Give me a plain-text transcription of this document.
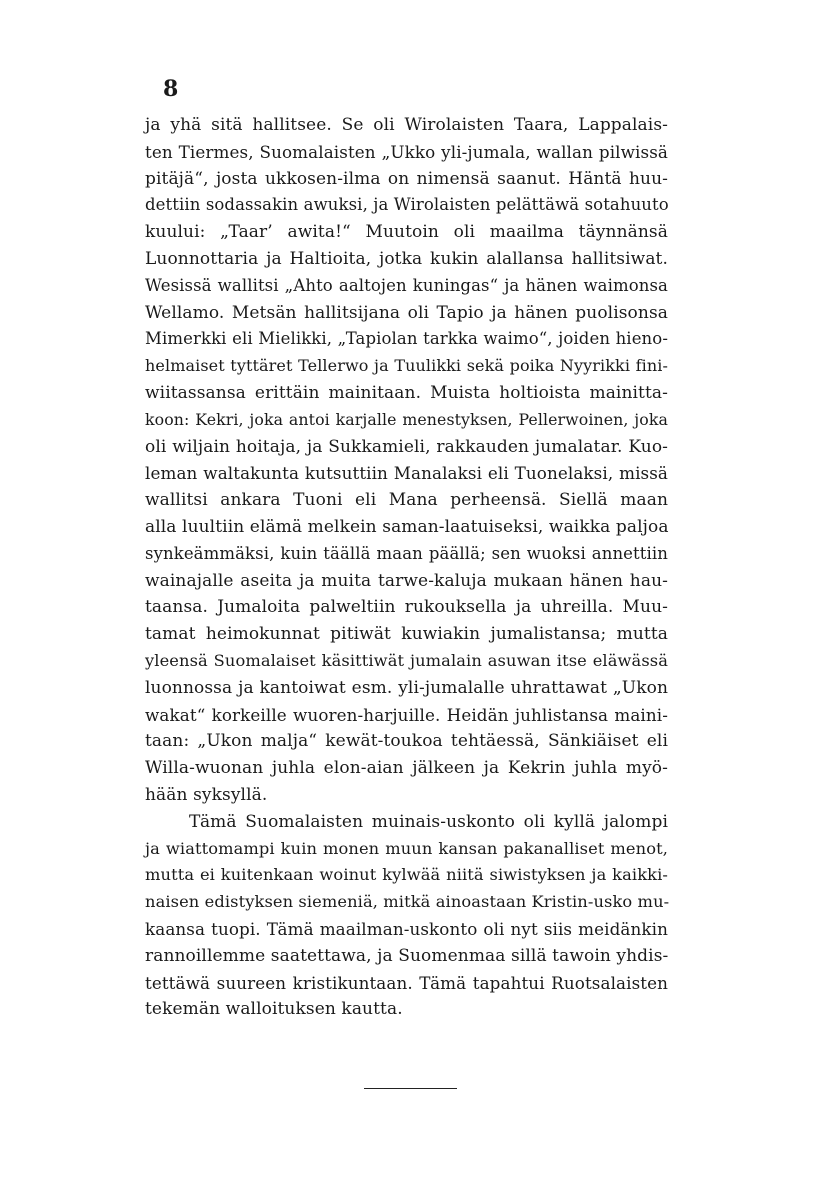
8
ja yhä sitä hallitsee. Se oli Wirolaisten Taara, Lappalais-
ten Tiermes, Suomalaisten „Ukko yli-jumala, wallan pilwissä
pitäjä“, josta ukkosen-ilma on nimensä saanut. Häntä huu-
dettiin sodassakin awuksi, ja Wirolaisten pelättäwä sotahuuto
kuului: „Taar’ awita!“ Muutoin oli maailma täynnänsä
Luonnottaria ja Haltioita, jotka kukin alallansa hallitsiwat.
Wesissä wallitsi „Ahto aaltojen kuningas“ ja hänen waimonsa
Wellamo. Metsän hallitsijana oli Tapio ja hänen puolisonsa
Mimerkki eli Mielikki, „Tapiolan tarkka waimo“, joiden hieno-
helmaiset tyttäret Tellerwo ja Tuulikki sekä poika Nyyrikki fini-
wiitassansa erittäin mainitaan. Muista holtioista mainitta-
koon: Kekri, joka antoi karjalle menestyksen, Pellerwoinen, joka
oli wiljain hoitaja, ja Sukkamieli, rakkauden jumalatar. Kuo-
leman waltakunta kutsuttiin Manalaksi eli Tuonelaksi, missä
wallitsi ankara Tuoni eli Mana perheensä. Siellä maan
alla luultiin elämä melkein saman-laatuiseksi, waikka paljoa
synkeämmäksi, kuin täällä maan päällä; sen wuoksi annettiin
wainajalle aseita ja muita tarwe-kaluja mukaan hänen hau-
taansa. Jumaloita palweltiin rukouksella ja uhreilla. Muu-
tamat heimokunnat pitiwät kuwiakin jumalistansa; mutta
yleensä Suomalaiset käsittiwät jumalain asuwan itse eläwässä
luonnossa ja kantoiwat esm. yli-jumalalle uhrattawat „Ukon
wakat“ korkeille wuoren-harjuille. Heidän juhlistansa maini-
taan: „Ukon malja“ kewät-toukoa tehtäessä, Sänkiäiset eli
Willa-wuonan juhla elon-aian jälkeen ja Kekrin juhla myö-
hään syksyllä.
Tämä Suomalaisten muinais-uskonto oli kyllä jalompi
ja wiattomampi kuin monen muun kansan pakanalliset menot,
mutta ei kuitenkaan woinut kylwää niitä siwistyksen ja kaikki-
naisen edistyksen siemeniä, mitkä ainoastaan Kristin-usko mu-
kaansa tuopi. Tämä maailman-uskonto oli nyt siis meidänkin
rannoillemme saatettawa, ja Suomenmaa sillä tawoin yhdis-
tettäwä suureen kristikuntaan. Tämä tapahtui Ruotsalaisten
tekemän walloituksen kautta.
